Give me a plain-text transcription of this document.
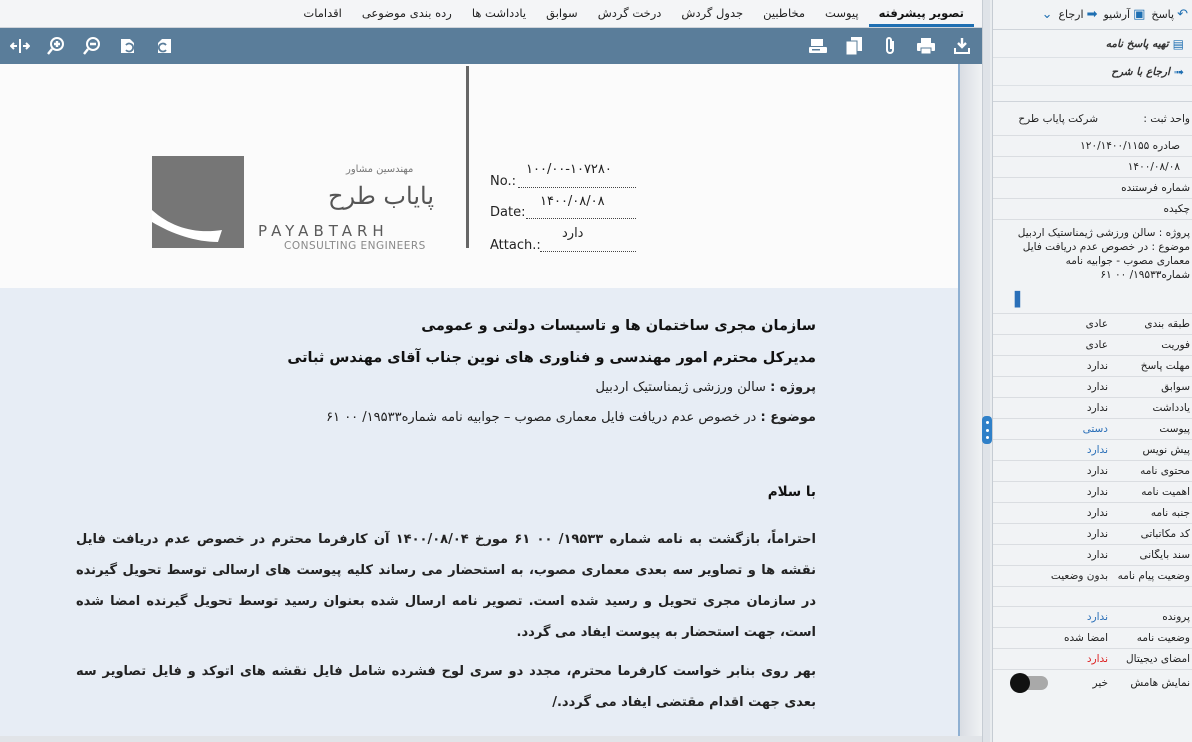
تصویر پیشرفته
پیوست
مخاطبین
جدول گردش
درخت گردش
سوابق
یادداشت ها
رده بندی موضوعی
اقدامات
مهندسین مشاور
پایاب طرح
PAYABTARH
CONSULTING ENGINEERS
No.:
۱۰۰/۰۰-۱۰۷۲۸۰
Date:
۱۴۰۰/۰۸/۰۸
Attach.:
دارد
سازمان مجری ساختمان ها و تاسیسات دولتی و عمومی
مدیرکل محترم امور مهندسی و فناوری های نوین جناب آقای مهندس ثباتی
پروژه : سالن ورزشی ژیمناستیک اردبیل
موضوع : در خصوص عدم دریافت فایل معماری مصوب – جوابیه نامه شماره۱۹۵۳۳/ ۰۰ ۶۱
با سلام
احتراماً، بازگشت به نامه شماره ۱۹۵۳۳/ ۰۰ ۶۱ مورخ ۱۴۰۰/۰۸/۰۴ آن کارفرما محترم در خصوص عدم دریافت فایل نقشه ها و تصاویر سه بعدی معماری مصوب، به استحضار می رساند کلیه پیوست های ارسالی توسط تحویل گیرنده در سازمان مجری تحویل و رسید شده است. تصویر نامه ارسال شده بعنوان رسید توسط تحویل گیرنده امضا شده است، جهت استحضار به پیوست ایفاد می گردد.
بهر روی بنابر خواست کارفرما محترم، مجدد دو سری لوح فشرده شامل فایل نقشه های اتوکد و فایل تصاویر سه بعدی جهت اقدام مقتضی ایفاد می گردد./
↶
پاسخ
▣
آرشیو
➡
ارجاع
⌄
▤
تهیه پاسخ نامه
➟
ارجاع با شرح
واحد ثبت :
شرکت پایاب طرح
صادره ۱۲۰/۱۴۰۰/۱۱۵۵
۱۴۰۰/۰۸/۰۸
شماره فرستنده
چکیده
پروژه : سالن ورزشی ژیمناستیک اردبیل
موضوع : در خصوص عدم دریافت فایل
معماری مصوب - جوابیه نامه
شماره۱۹۵۳۳/ ۰۰ ۶۱
▐
طبقه بندی
عادی
فوریت
عادی
مهلت پاسخ
ندارد
سوابق
ندارد
یادداشت
ندارد
پیوست
دستی
پیش نویس
ندارد
محتوی نامه
ندارد
اهمیت نامه
ندارد
جنبه نامه
ندارد
کد مکاتباتی
ندارد
سند بایگانی
ندارد
وضعیت پیام نامه
بدون وضعیت
پرونده
ندارد
وضعیت نامه
امضا شده
امضای دیجیتال
ندارد
نمایش هامش
خیر
